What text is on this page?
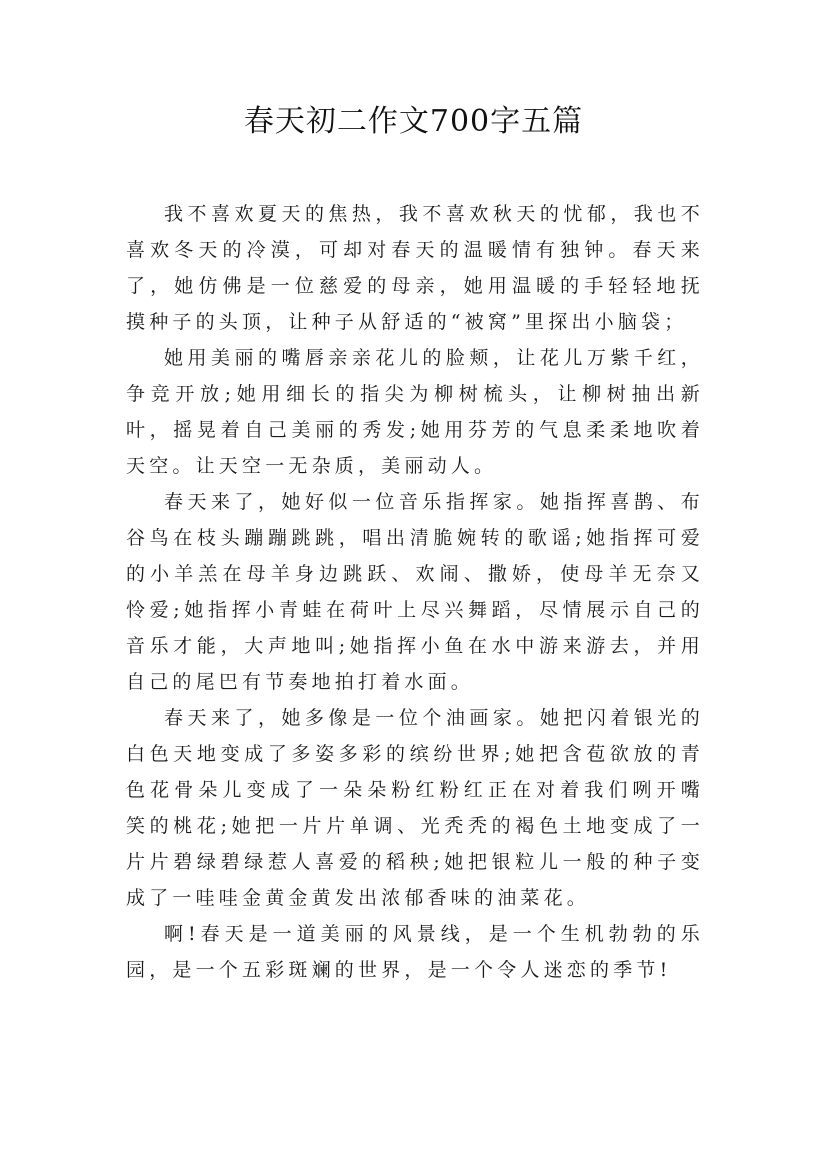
春天初二作文700字五篇

我不喜欢夏天的焦热，我不喜欢秋天的忧郁，我也不喜欢冬天的冷漠，可却对春天的温暖情有独钟。春天来了，她仿佛是一位慈爱的母亲，她用温暖的手轻轻地抚摸种子的头顶，让种子从舒适的“被窝”里探出小脑袋；

她用美丽的嘴唇亲亲花儿的脸颊，让花儿万紫千红，争竞开放;她用细长的指尖为柳树梳头，让柳树抽出新叶，摇晃着自己美丽的秀发;她用芬芳的气息柔柔地吹着天空。让天空一无杂质，美丽动人。

春天来了，她好似一位音乐指挥家。她指挥喜鹊、布谷鸟在枝头蹦蹦跳跳，唱出清脆婉转的歌谣;她指挥可爱的小羊羔在母羊身边跳跃、欢闹、撒娇，使母羊无奈又怜爱;她指挥小青蛙在荷叶上尽兴舞蹈，尽情展示自己的音乐才能，大声地叫;她指挥小鱼在水中游来游去，并用自己的尾巴有节奏地拍打着水面。

春天来了，她多像是一位个油画家。她把闪着银光的白色天地变成了多姿多彩的缤纷世界;她把含苞欲放的青色花骨朵儿变成了一朵朵粉红粉红正在对着我们咧开嘴笑的桃花;她把一片片单调、光秃秃的褐色土地变成了一片片碧绿碧绿惹人喜爱的稻秧;她把银粒儿一般的种子变成了一哇哇金黄金黄发出浓郁香味的油菜花。

啊!春天是一道美丽的风景线，是一个生机勃勃的乐园，是一个五彩斑斓的世界，是一个令人迷恋的季节!
